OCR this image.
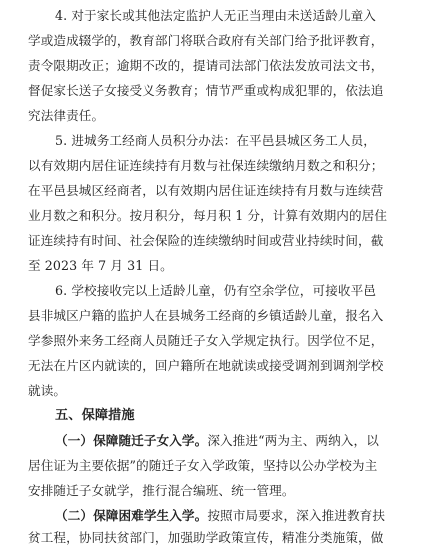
4. 对于家长或其他法定监护人无正当理由未送适龄儿童入
学或造成辍学的，教育部门将联合政府有关部门给予批评教育，
责令限期改正；逾期不改的，提请司法部门依法发放司法文书，
督促家长送子女接受义务教育；情节严重或构成犯罪的，依法追
究法律责任。
5. 进城务工经商人员积分办法：在平邑县城区务工人员，
以有效期内居住证连续持有月数与社保连续缴纳月数之和积分；
在平邑县城区经商者，以有效期内居住证连续持有月数与连续营
业月数之和积分。按月积分，每月积 1 分，计算有效期内的居住
证连续持有时间、社会保险的连续缴纳时间或营业持续时间，截
至 2023 年 7 月 31 日。
6. 学校接收完以上适龄儿童，仍有空余学位，可接收平邑
县非城区户籍的监护人在县城务工经商的乡镇适龄儿童，报名入
学参照外来务工经商人员随迁子女入学规定执行。因学位不足，
无法在片区内就读的，回户籍所在地就读或接受调剂到调剂学校
就读。
五、保障措施
（一）保障随迁子女入学。深入推进“两为主、两纳入，以
居住证为主要依据”的随迁子女入学政策，坚持以公办学校为主
安排随迁子女就学，推行混合编班、统一管理。
（二）保障困难学生入学。按照市局要求，深入推进教育扶
贫工程，协同扶贫部门，加强助学政策宣传，精准分类施策，做
